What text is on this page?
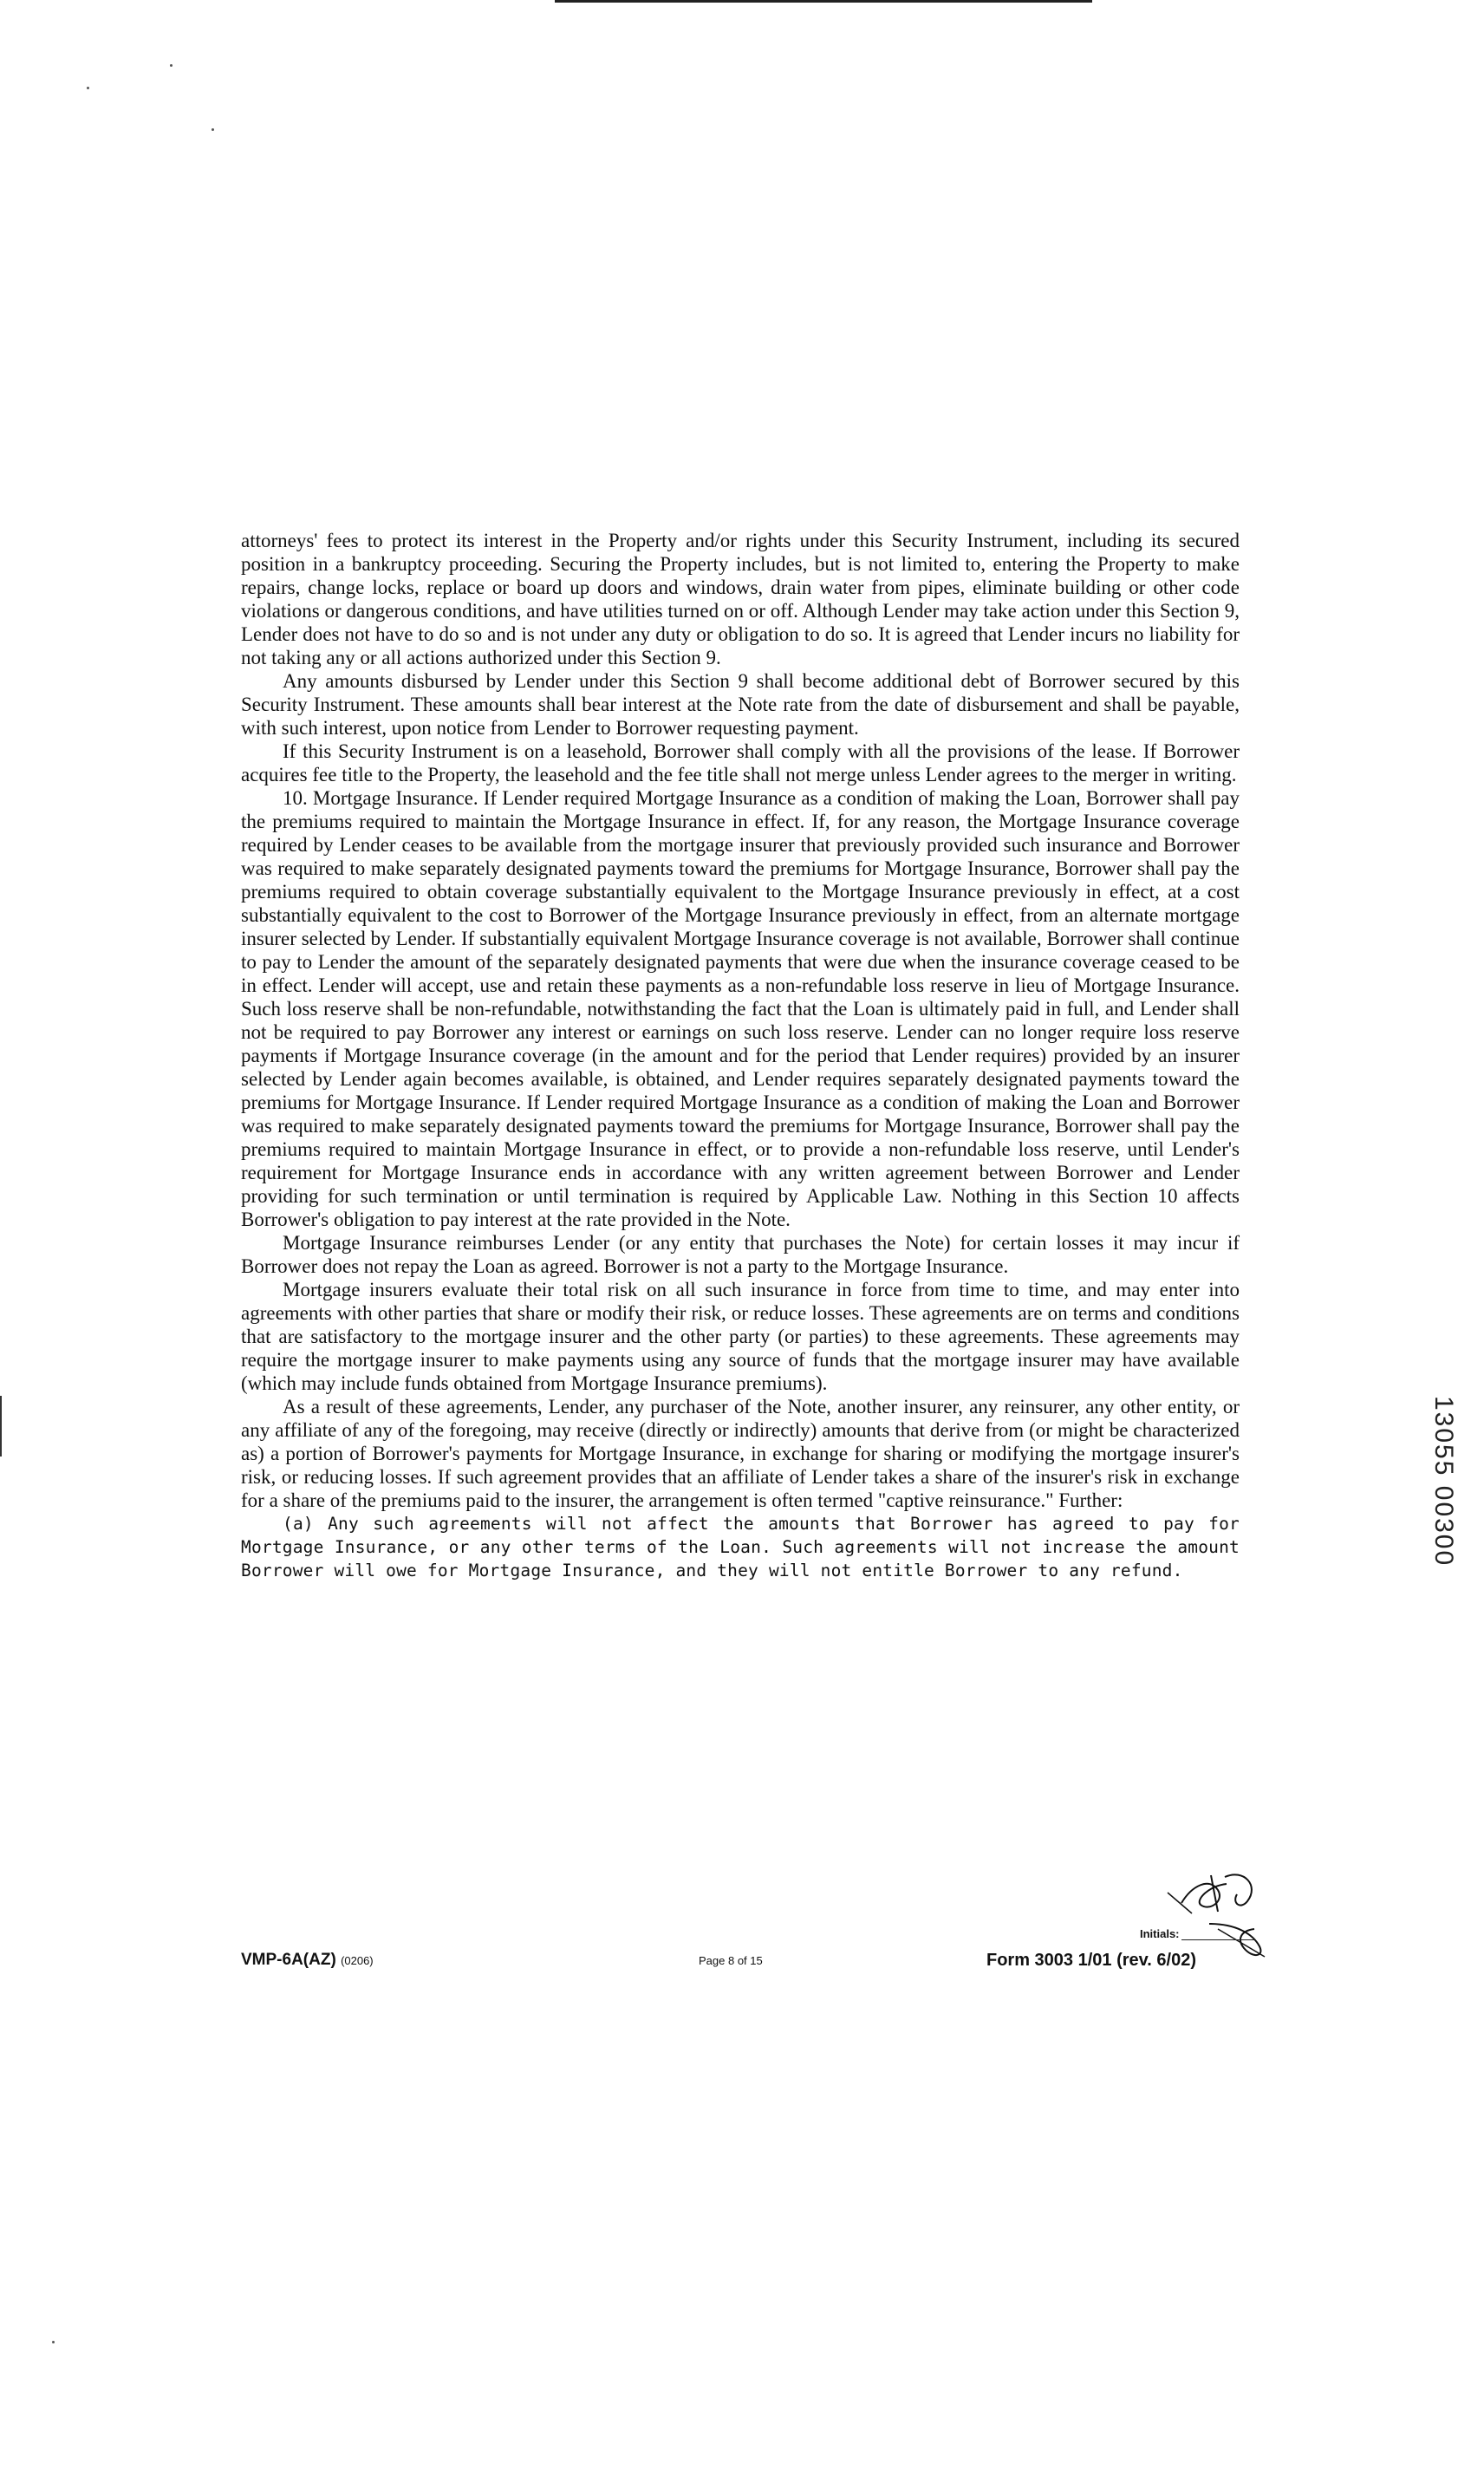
attorneys' fees to protect its interest in the Property and/or rights under this Security Instrument, including its secured position in a bankruptcy proceeding. Securing the Property includes, but is not limited to, entering the Property to make repairs, change locks, replace or board up doors and windows, drain water from pipes, eliminate building or other code violations or dangerous conditions, and have utilities turned on or off. Although Lender may take action under this Section 9, Lender does not have to do so and is not under any duty or obligation to do so. It is agreed that Lender incurs no liability for not taking any or all actions authorized under this Section 9.

Any amounts disbursed by Lender under this Section 9 shall become additional debt of Borrower secured by this Security Instrument. These amounts shall bear interest at the Note rate from the date of disbursement and shall be payable, with such interest, upon notice from Lender to Borrower requesting payment.

If this Security Instrument is on a leasehold, Borrower shall comply with all the provisions of the lease. If Borrower acquires fee title to the Property, the leasehold and the fee title shall not merge unless Lender agrees to the merger in writing.

10. Mortgage Insurance. If Lender required Mortgage Insurance as a condition of making the Loan, Borrower shall pay the premiums required to maintain the Mortgage Insurance in effect. If, for any reason, the Mortgage Insurance coverage required by Lender ceases to be available from the mortgage insurer that previously provided such insurance and Borrower was required to make separately designated payments toward the premiums for Mortgage Insurance, Borrower shall pay the premiums required to obtain coverage substantially equivalent to the Mortgage Insurance previously in effect, at a cost substantially equivalent to the cost to Borrower of the Mortgage Insurance previously in effect, from an alternate mortgage insurer selected by Lender. If substantially equivalent Mortgage Insurance coverage is not available, Borrower shall continue to pay to Lender the amount of the separately designated payments that were due when the insurance coverage ceased to be in effect. Lender will accept, use and retain these payments as a non-refundable loss reserve in lieu of Mortgage Insurance. Such loss reserve shall be non-refundable, notwithstanding the fact that the Loan is ultimately paid in full, and Lender shall not be required to pay Borrower any interest or earnings on such loss reserve. Lender can no longer require loss reserve payments if Mortgage Insurance coverage (in the amount and for the period that Lender requires) provided by an insurer selected by Lender again becomes available, is obtained, and Lender requires separately designated payments toward the premiums for Mortgage Insurance. If Lender required Mortgage Insurance as a condition of making the Loan and Borrower was required to make separately designated payments toward the premiums for Mortgage Insurance, Borrower shall pay the premiums required to maintain Mortgage Insurance in effect, or to provide a non-refundable loss reserve, until Lender's requirement for Mortgage Insurance ends in accordance with any written agreement between Borrower and Lender providing for such termination or until termination is required by Applicable Law. Nothing in this Section 10 affects Borrower's obligation to pay interest at the rate provided in the Note.

Mortgage Insurance reimburses Lender (or any entity that purchases the Note) for certain losses it may incur if Borrower does not repay the Loan as agreed. Borrower is not a party to the Mortgage Insurance.

Mortgage insurers evaluate their total risk on all such insurance in force from time to time, and may enter into agreements with other parties that share or modify their risk, or reduce losses. These agreements are on terms and conditions that are satisfactory to the mortgage insurer and the other party (or parties) to these agreements. These agreements may require the mortgage insurer to make payments using any source of funds that the mortgage insurer may have available (which may include funds obtained from Mortgage Insurance premiums).

As a result of these agreements, Lender, any purchaser of the Note, another insurer, any reinsurer, any other entity, or any affiliate of any of the foregoing, may receive (directly or indirectly) amounts that derive from (or might be characterized as) a portion of Borrower's payments for Mortgage Insurance, in exchange for sharing or modifying the mortgage insurer's risk, or reducing losses. If such agreement provides that an affiliate of Lender takes a share of the insurer's risk in exchange for a share of the premiums paid to the insurer, the arrangement is often termed "captive reinsurance." Further:

(a) Any such agreements will not affect the amounts that Borrower has agreed to pay for Mortgage Insurance, or any other terms of the Loan. Such agreements will not increase the amount Borrower will owe for Mortgage Insurance, and they will not entitle Borrower to any refund.

Initials:
VMP-6A(AZ) (0206)	Page 8 of 15	Form 3003 1/01 (rev. 6/02)
13055 00300
